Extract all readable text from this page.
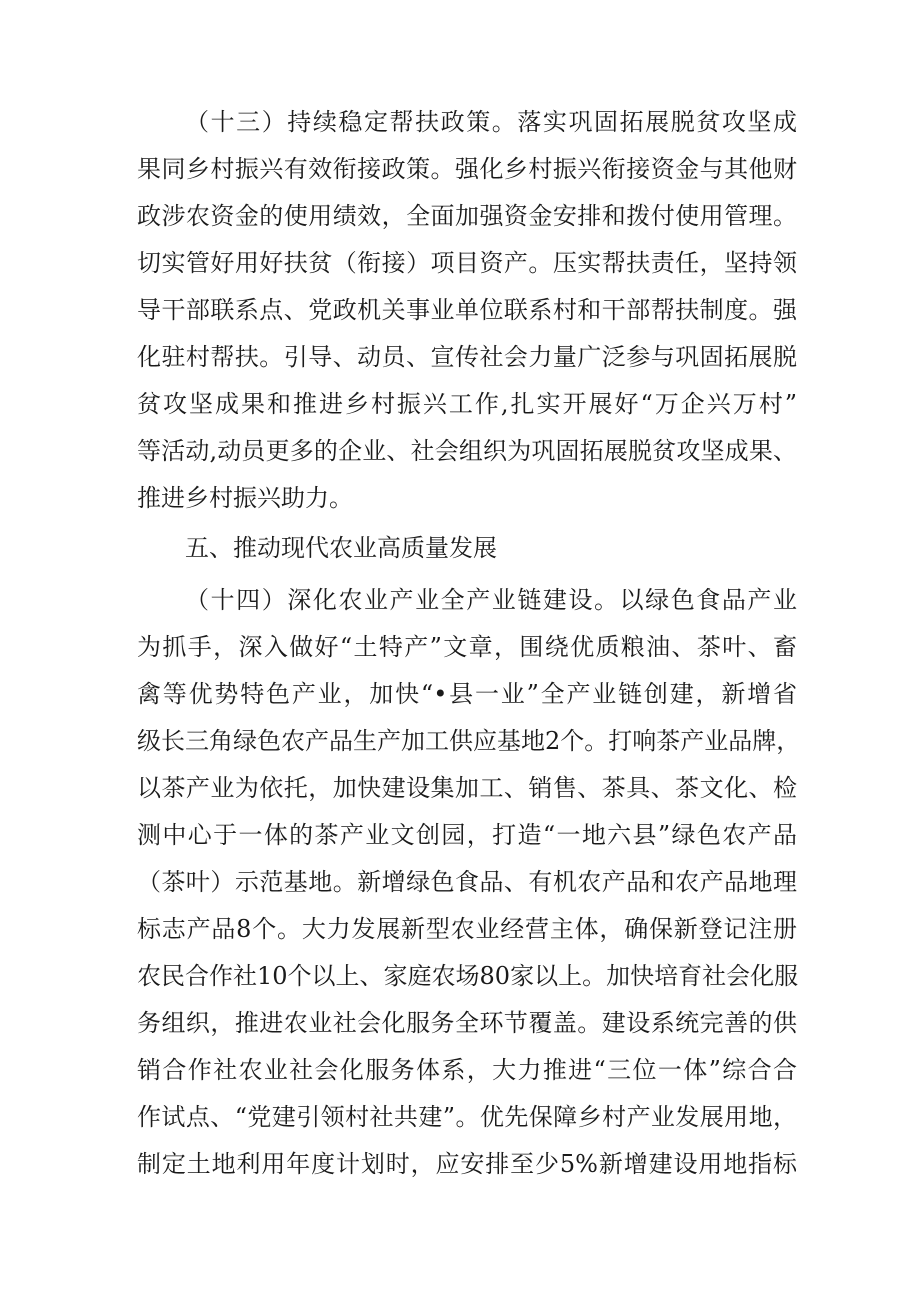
（十三）持续稳定帮扶政策。落实巩固拓展脱贫攻坚成
果同乡村振兴有效衔接政策。强化乡村振兴衔接资金与其他财
政涉农资金的使用绩效，全面加强资金安排和拨付使用管理。
切实管好用好扶贫（衔接）项目资产。压实帮扶责任，坚持领
导干部联系点、党政机关事业单位联系村和干部帮扶制度。强
化驻村帮扶。引导、动员、宣传社会力量广泛参与巩固拓展脱
贫攻坚成果和推进乡村振兴工作,扎实开展好“万企兴万村”
等活动,动员更多的企业、社会组织为巩固拓展脱贫攻坚成果、
推进乡村振兴助力。
五、推动现代农业高质量发展
（十四）深化农业产业全产业链建设。以绿色食品产业
为抓手，深入做好“土特产”文章，围绕优质粮油、茶叶、畜
禽等优势特色产业，加快“•县一业”全产业链创建，新增省
级长三角绿色农产品生产加工供应基地2个。打响茶产业品牌，
以茶产业为依托，加快建设集加工、销售、茶具、茶文化、检
测中心于一体的茶产业文创园，打造“一地六县”绿色农产品
（茶叶）示范基地。新增绿色食品、有机农产品和农产品地理
标志产品8个。大力发展新型农业经营主体，确保新登记注册
农民合作社10个以上、家庭农场80家以上。加快培育社会化服
务组织，推进农业社会化服务全环节覆盖。建设系统完善的供
销合作社农业社会化服务体系，大力推进“三位一体”综合合
作试点、“党建引领村社共建”。优先保障乡村产业发展用地，
制定土地利用年度计划时，应安排至少5%新增建设用地指标
